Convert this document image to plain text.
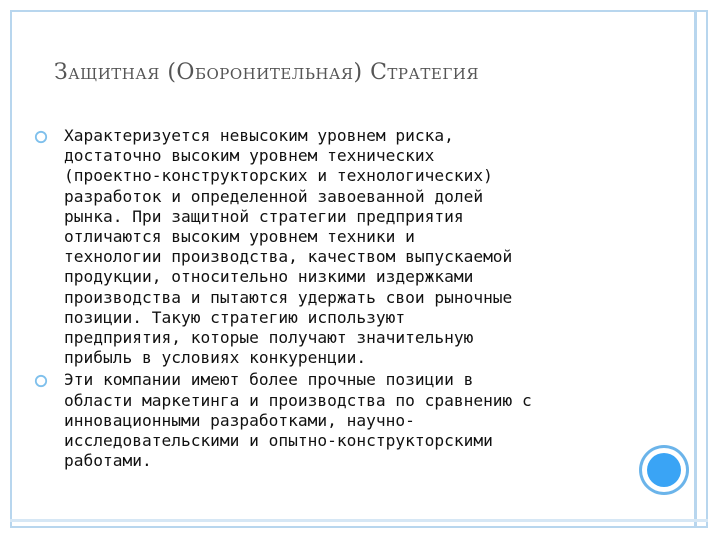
ЗАЩИТНАЯ (ОБОРОНИТЕЛЬНАЯ) СТРАТЕГИЯ
Характеризуется невысоким уровнем риска,
достаточно высоким уровнем технических
(проектно-конструкторских и технологических)
разработок и определенной завоеванной долей
рынка. При защитной стратегии предприятия
отличаются высоким уровнем техники и
технологии производства, качеством выпускаемой
продукции, относительно низкими издержками
производства и пытаются удержать свои рыночные
позиции. Такую стратегию используют
предприятия, которые получают значительную
прибыль в условиях конкуренции.
Эти компании имеют более прочные позиции в
области маркетинга и производства по сравнению с
инновационными разработками, научно-
исследовательскими и опытно-конструкторскими
работами.
